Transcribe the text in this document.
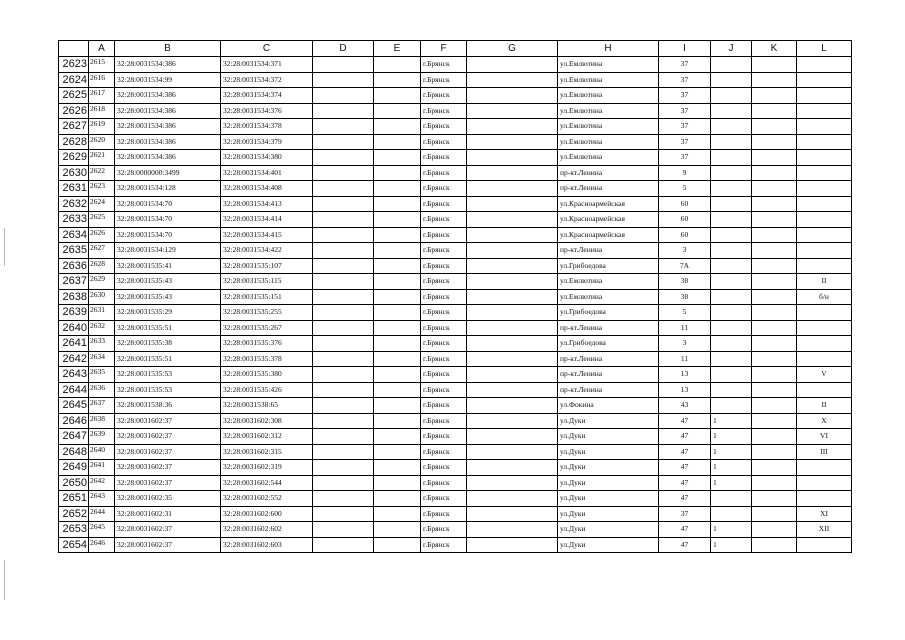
	A	B	C	D	E	F	G	H	I	J	K	L
2623	2615	32:28:0031534:386	32:28:0031534:371			г.Брянск		ул.Емлютина	37			
2624	2616	32:28:0031534:99	32:28:0031534:372			г.Брянск		ул.Емлютина	37			
2625	2617	32:28:0031534:386	32:28:0031534:374			г.Брянск		ул.Емлютина	37			
2626	2618	32:28:0031534:386	32:28:0031534:376			г.Брянск		ул.Емлютина	37			
2627	2619	32:28:0031534:386	32:28:0031534:378			г.Брянск		ул.Емлютина	37			
2628	2620	32:28:0031534:386	32:28:0031534:379			г.Брянск		ул.Емлютина	37			
2629	2621	32:28:0031534:386	32:28:0031534:380			г.Брянск		ул.Емлютина	37			
2630	2622	32:28:0000000:3499	32:28:0031534:401			г.Брянск		пр-кт.Ленина	9			
2631	2623	32:28:0031534:128	32:28:0031534:408			г.Брянск		пр-кт.Ленина	5			
2632	2624	32:28:0031534:70	32:28:0031534:413			г.Брянск		ул.Красноармейская	60			
2633	2625	32:28:0031534:70	32:28:0031534:414			г.Брянск		ул.Красноармейская	60			
2634	2626	32:28:0031534:70	32:28:0031534:415			г.Брянск		ул.Красноармейская	60			
2635	2627	32:28:0031534:129	32:28:0031534:422			г.Брянск		пр-кт.Ленина	3			
2636	2628	32:28:0031535:41	32:28:0031535:107			г.Брянск		ул.Грибоедова	7А			
2637	2629	32:28:0031535:43	32:28:0031535:115			г.Брянск		ул.Емлютина	38			II
2638	2630	32:28:0031535:43	32:28:0031535:151			г.Брянск		ул.Емлютина	38			б/н
2639	2631	32:28:0031535:29	32:28:0031535:255			г.Брянск		ул.Грибоедова	5			
2640	2632	32:28:0031535:51	32:28:0031535:267			г.Брянск		пр-кт.Ленина	11			
2641	2633	32:28:0031535:38	32:28:0031535:376			г.Брянск		ул.Грибоедова	3			
2642	2634	32:28:0031535:51	32:28:0031535:378			г.Брянск		пр-кт.Ленина	11			
2643	2635	32:28:0031535:53	32:28:0031535:380			г.Брянск		пр-кт.Ленина	13			V
2644	2636	32:28:0031535:53	32:28:0031535:426			г.Брянск		пр-кт.Ленина	13			
2645	2637	32:28:0031538:36	32:28:0031538:65			г.Брянск		ул.Фокина	43			II
2646	2638	32:28:0031602:37	32:28:0031602:308			г.Брянск		ул.Дуки	47	1		X
2647	2639	32:28:0031602:37	32:28:0031602:312			г.Брянск		ул.Дуки	47	1		VI
2648	2640	32:28:0031602:37	32:28:0031602:315			г.Брянск		ул.Дуки	47	1		III
2649	2641	32:28:0031602:37	32:28:0031602:319			г.Брянск		ул.Дуки	47	1		
2650	2642	32:28:0031602:37	32:28:0031602:544			г.Брянск		ул.Дуки	47	1		
2651	2643	32:28:0031602:35	32:28:0031602:552			г.Брянск		ул.Дуки	47			
2652	2644	32:28:0031602:31	32:28:0031602:600			г.Брянск		ул.Дуки	37			XI
2653	2645	32:28:0031602:37	32:28:0031602:602			г.Брянск		ул.Дуки	47	1		XII
2654	2646	32:28:0031602:37	32:28:0031602:603			г.Брянск		ул.Дуки	47	1		
